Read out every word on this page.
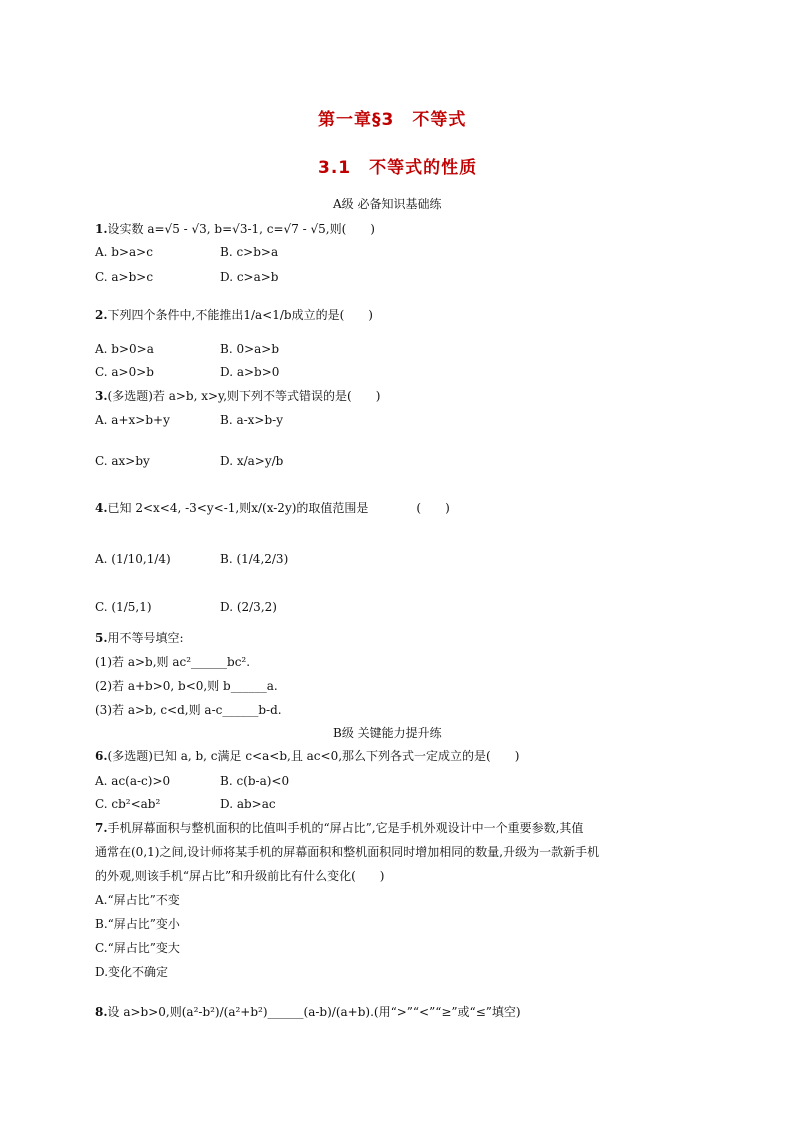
第一章§3　不等式
3.1　不等式的性质
A级 必备知识基础练
1.设实数 a=√5 - √3, b=√3-1, c=√7 - √5,则(　　)
A. b>a>c	B. c>b>a
C. a>b>c	D. c>a>b
2.下列四个条件中,不能推出1/a<1/b成立的是(　　)
A. b>0>a	B. 0>a>b
C. a>0>b	D. a>b>0
3.(多选题)若 a>b, x>y,则下列不等式错误的是(　　)
A. a+x>b+y	B. a-x>b-y
C. ax>by	D. x/a>y/b
4.已知 2<x<4, -3<y<-1,则x/(x-2y)的取值范围是　　　　(　　)
A. (1/10,1/4)	B. (1/4,2/3)
C. (1/5,1)	D. (2/3,2)
5.用不等号填空:
(1)若 a>b,则 ac²______bc².
(2)若 a+b>0, b<0,则 b______a.
(3)若 a>b, c<d,则 a-c______b-d.
B级 关键能力提升练
6.(多选题)已知 a, b, c满足 c<a<b,且 ac<0,那么下列各式一定成立的是(　　)
A. ac(a-c)>0	B. c(b-a)<0
C. cb²<ab²	D. ab>ac
7.手机屏幕面积与整机面积的比值叫手机的“屏占比”,它是手机外观设计中一个重要参数,其值
通常在(0,1)之间,设计师将某手机的屏幕面积和整机面积同时增加相同的数量,升级为一款新手机
的外观,则该手机“屏占比”和升级前比有什么变化(　　)
A.“屏占比”不变
B.“屏占比”变小
C.“屏占比”变大
D.变化不确定
8.设 a>b>0,则(a²-b²)/(a²+b²)______(a-b)/(a+b).(用“>”“<”“≥”或“≤”填空)
